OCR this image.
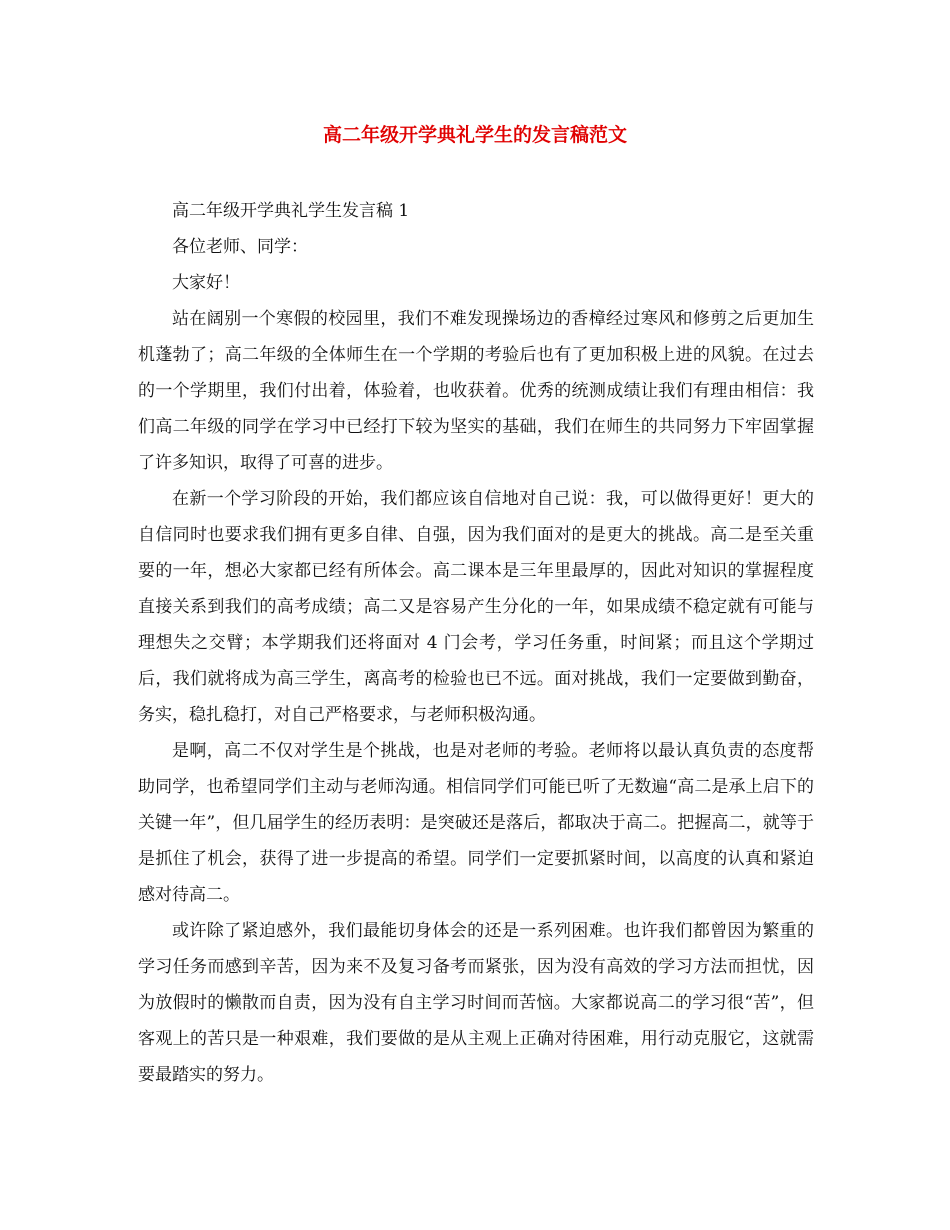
高二年级开学典礼学生的发言稿范文

高二年级开学典礼学生发言稿 1

各位老师、同学：

大家好！

站在阔别一个寒假的校园里，我们不难发现操场边的香樟经过寒风和修剪之后更加生机蓬勃了；高二年级的全体师生在一个学期的考验后也有了更加积极上进的风貌。在过去的一个学期里，我们付出着，体验着，也收获着。优秀的统测成绩让我们有理由相信：我们高二年级的同学在学习中已经打下较为坚实的基础，我们在师生的共同努力下牢固掌握了许多知识，取得了可喜的进步。

在新一个学习阶段的开始，我们都应该自信地对自己说：我，可以做得更好！更大的自信同时也要求我们拥有更多自律、自强，因为我们面对的是更大的挑战。高二是至关重要的一年，想必大家都已经有所体会。高二课本是三年里最厚的，因此对知识的掌握程度直接关系到我们的高考成绩；高二又是容易产生分化的一年，如果成绩不稳定就有可能与理想失之交臂；本学期我们还将面对 4 门会考，学习任务重，时间紧；而且这个学期过后，我们就将成为高三学生，离高考的检验也已不远。面对挑战，我们一定要做到勤奋，务实，稳扎稳打，对自己严格要求，与老师积极沟通。

是啊，高二不仅对学生是个挑战，也是对老师的考验。老师将以最认真负责的态度帮助同学，也希望同学们主动与老师沟通。相信同学们可能已听了无数遍“高二是承上启下的关键一年”，但几届学生的经历表明：是突破还是落后，都取决于高二。把握高二，就等于是抓住了机会，获得了进一步提高的希望。同学们一定要抓紧时间，以高度的认真和紧迫感对待高二。

或许除了紧迫感外，我们最能切身体会的还是一系列困难。也许我们都曾因为繁重的学习任务而感到辛苦，因为来不及复习备考而紧张，因为没有高效的学习方法而担忧，因为放假时的懒散而自责，因为没有自主学习时间而苦恼。大家都说高二的学习很“苦”，但客观上的苦只是一种艰难，我们要做的是从主观上正确对待困难，用行动克服它，这就需要最踏实的努力。
